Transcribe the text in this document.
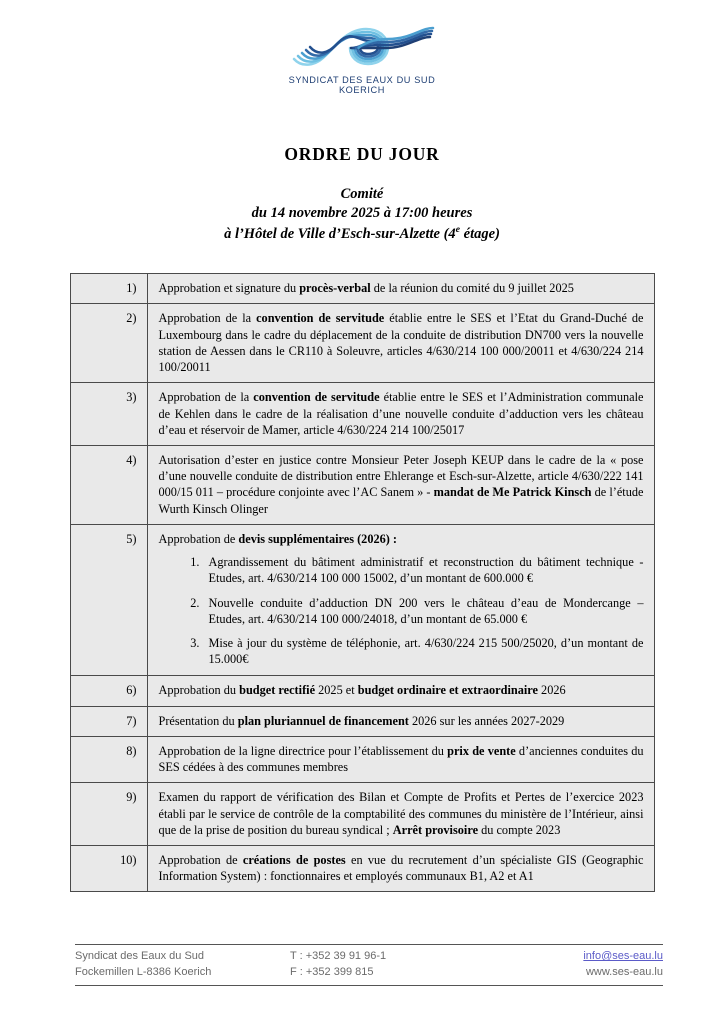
SYNDICAT DES EAUX DU SUD
KOERICH
ORDRE DU JOUR
Comité
du 14 novembre 2025 à 17:00 heures
à l’Hôtel de Ville d’Esch-sur-Alzette (4e étage)
1)	Approbation et signature du procès-verbal de la réunion du comité du 9 juillet 2025

2)	Approbation de la convention de servitude établie entre le SES et l’Etat du Grand-Duché de Luxembourg dans le cadre du déplacement de la conduite de distribution DN700 vers la nouvelle station de Aessen dans le CR110 à Soleuvre, articles 4/630/214 100 000/20011 et 4/630/224 214 100/20011

3)	Approbation de la convention de servitude établie entre le SES et l’Administration communale de Kehlen dans le cadre de la réalisation d’une nouvelle conduite d’adduction vers les château d’eau et réservoir de Mamer, article 4/630/224 214 100/25017

4)	Autorisation d’ester en justice contre Monsieur Peter Joseph KEUP dans le cadre de la « pose d’une nouvelle conduite de distribution entre Ehlerange et Esch-sur-Alzette, article 4/630/222 141 000/15 011 – procédure conjointe avec l’AC Sanem » - mandat de Me Patrick Kinsch de l’étude Wurth Kinsch Olinger

5)	Approbation de devis supplémentaires (2026) :

1. Agrandissement du bâtiment administratif et reconstruction du bâtiment technique - Etudes, art. 4/630/214 100 000 15002, d’un montant de 600.000 €
2. Nouvelle conduite d’adduction DN 200 vers le château d’eau de Mondercange – Etudes, art. 4/630/214 100 000/24018, d’un montant de 65.000 €
3. Mise à jour du système de téléphonie, art. 4/630/224 215 500/25020, d’un montant de 15.000€

6)	Approbation du budget rectifié 2025 et budget ordinaire et extraordinaire 2026

7)	Présentation du plan pluriannuel de financement 2026 sur les années 2027-2029

8)	Approbation de la ligne directrice pour l’établissement du prix de vente d’anciennes conduites du SES cédées à des communes membres

9)	Examen du rapport de vérification des Bilan et Compte de Profits et Pertes de l’exercice 2023 établi par le service de contrôle de la comptabilité des communes du ministère de l’Intérieur, ainsi que de la prise de position du bureau syndical ; Arrêt provisoire du compte 2023

10)	Approbation de créations de postes en vue du recrutement d’un spécialiste GIS (Geographic Information System) : fonctionnaires et employés communaux B1, A2 et A1

Syndicat des Eaux du Sud
Fockemillen L-8386 Koerich
T : +352 39 91 96-1
F : +352 399 815
info@ses-eau.lu
www.ses-eau.lu
